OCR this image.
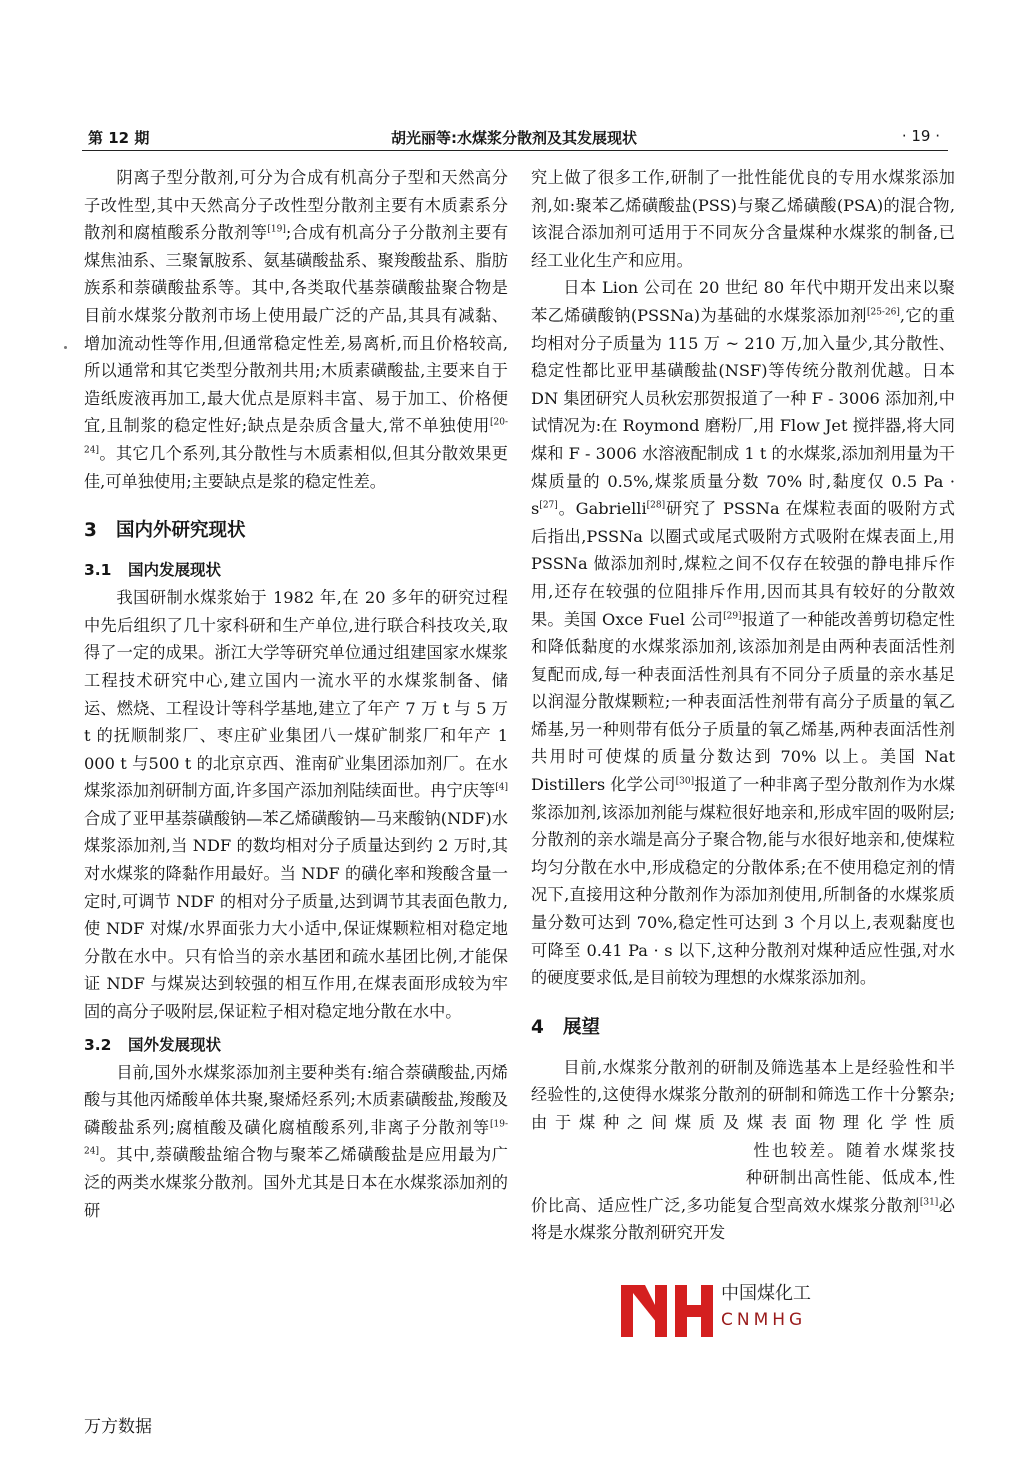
第 12 期	胡光丽等:水煤浆分散剂及其发展现状	· 19 ·

阴离子型分散剂,可分为合成有机高分子型和天然高分子改性型,其中天然高分子改性型分散剂主要有木质素系分散剂和腐植酸系分散剂等[19];合成有机高分子分散剂主要有煤焦油系、三聚氰胺系、氨基磺酸盐系、聚羧酸盐系、脂肪族系和萘磺酸盐系等。其中,各类取代基萘磺酸盐聚合物是目前水煤浆分散剂市场上使用最广泛的产品,其具有减黏、增加流动性等作用,但通常稳定性差,易离析,而且价格较高,所以通常和其它类型分散剂共用;木质素磺酸盐,主要来自于造纸废液再加工,最大优点是原料丰富、易于加工、价格便宜,且制浆的稳定性好;缺点是杂质含量大,常不单独使用[20-24]。其它几个系列,其分散性与木质素相似,但其分散效果更佳,可单独使用;主要缺点是浆的稳定性差。

3 国内外研究现状
3.1 国内发展现状

我国研制水煤浆始于 1982 年,在 20 多年的研究过程中先后组织了几十家科研和生产单位,进行联合科技攻关,取得了一定的成果。浙江大学等研究单位通过组建国家水煤浆工程技术研究中心,建立国内一流水平的水煤浆制备、储运、燃烧、工程设计等科学基地,建立了年产 7 万 t 与 5 万 t 的抚顺制浆厂、枣庄矿业集团八一煤矿制浆厂和年产 1 000 t 与500 t 的北京京西、淮南矿业集团添加剂厂。在水煤浆添加剂研制方面,许多国产添加剂陆续面世。冉宁庆等[4]合成了亚甲基萘磺酸钠—苯乙烯磺酸钠—马来酸钠(NDF)水煤浆添加剂,当 NDF 的数均相对分子质量达到约 2 万时,其对水煤浆的降黏作用最好。当 NDF 的磺化率和羧酸含量一定时,可调节 NDF 的相对分子质量,达到调节其表面色散力,使 NDF 对煤/水界面张力大小适中,保证煤颗粒相对稳定地分散在水中。只有恰当的亲水基团和疏水基团比例,才能保证 NDF 与煤炭达到较强的相互作用,在煤表面形成较为牢固的高分子吸附层,保证粒子相对稳定地分散在水中。

3.2 国外发展现状

目前,国外水煤浆添加剂主要种类有:缩合萘磺酸盐,丙烯酸与其他丙烯酸单体共聚,聚烯烃系列;木质素磺酸盐,羧酸及磷酸盐系列;腐植酸及磺化腐植酸系列,非离子分散剂等[19-24]。其中,萘磺酸盐缩合物与聚苯乙烯磺酸盐是应用最为广泛的两类水煤浆分散剂。国外尤其是日本在水煤浆添加剂的研

究上做了很多工作,研制了一批性能优良的专用水煤浆添加剂,如:聚苯乙烯磺酸盐(PSS)与聚乙烯磺酸(PSA)的混合物,该混合添加剂可适用于不同灰分含量煤种水煤浆的制备,已经工业化生产和应用。

日本 Lion 公司在 20 世纪 80 年代中期开发出来以聚苯乙烯磺酸钠(PSSNa)为基础的水煤浆添加剂[25-26],它的重均相对分子质量为 115 万 ~ 210 万,加入量少,其分散性、稳定性都比亚甲基磺酸盐(NSF)等传统分散剂优越。日本 DN 集团研究人员秋宏那贺报道了一种 F - 3006 添加剂,中试情况为:在 Roymond 磨粉厂,用 Flow Jet 搅拌器,将大同煤和 F - 3006 水溶液配制成 1 t 的水煤浆,添加剂用量为干煤质量的 0.5%,煤浆质量分数 70% 时,黏度仅 0.5 Pa · s[27]。Gabrielli[28]研究了 PSSNa 在煤粒表面的吸附方式后指出,PSSNa 以圈式或尾式吸附方式吸附在煤表面上,用 PSSNa 做添加剂时,煤粒之间不仅存在较强的静电排斥作用,还存在较强的位阻排斥作用,因而其具有较好的分散效果。美国 Oxce Fuel 公司[29]报道了一种能改善剪切稳定性和降低黏度的水煤浆添加剂,该添加剂是由两种表面活性剂复配而成,每一种表面活性剂具有不同分子质量的亲水基足以润湿分散煤颗粒;一种表面活性剂带有高分子质量的氧乙烯基,另一种则带有低分子质量的氧乙烯基,两种表面活性剂共用时可使煤的质量分数达到 70% 以上。美国 Nat Distillers 化学公司[30]报道了一种非离子型分散剂作为水煤浆添加剂,该添加剂能与煤粒很好地亲和,形成牢固的吸附层;分散剂的亲水端是高分子聚合物,能与水很好地亲和,使煤粒均匀分散在水中,形成稳定的分散体系;在不使用稳定剂的情况下,直接用这种分散剂作为添加剂使用,所制备的水煤浆质量分数可达到 70%,稳定性可达到 3 个月以上,表观黏度也可降至 0.41 Pa · s 以下,这种分散剂对煤种适应性强,对水的硬度要求低,是目前较为理想的水煤浆添加剂。

4 展望

目前,水煤浆分散剂的研制及筛选基本上是经验性和半经验性的,这使得水煤浆分散剂的研制和筛选工作十分繁杂;由于煤种之间煤质及煤表面物理化学性质性也较差。随着水煤浆技种研制出高性能、低成本,性价比高、适应性广泛,多功能复合型高效水煤浆分散剂[31]必将是水煤浆分散剂研究开发

中国煤化工
CNMHG
万方数据
